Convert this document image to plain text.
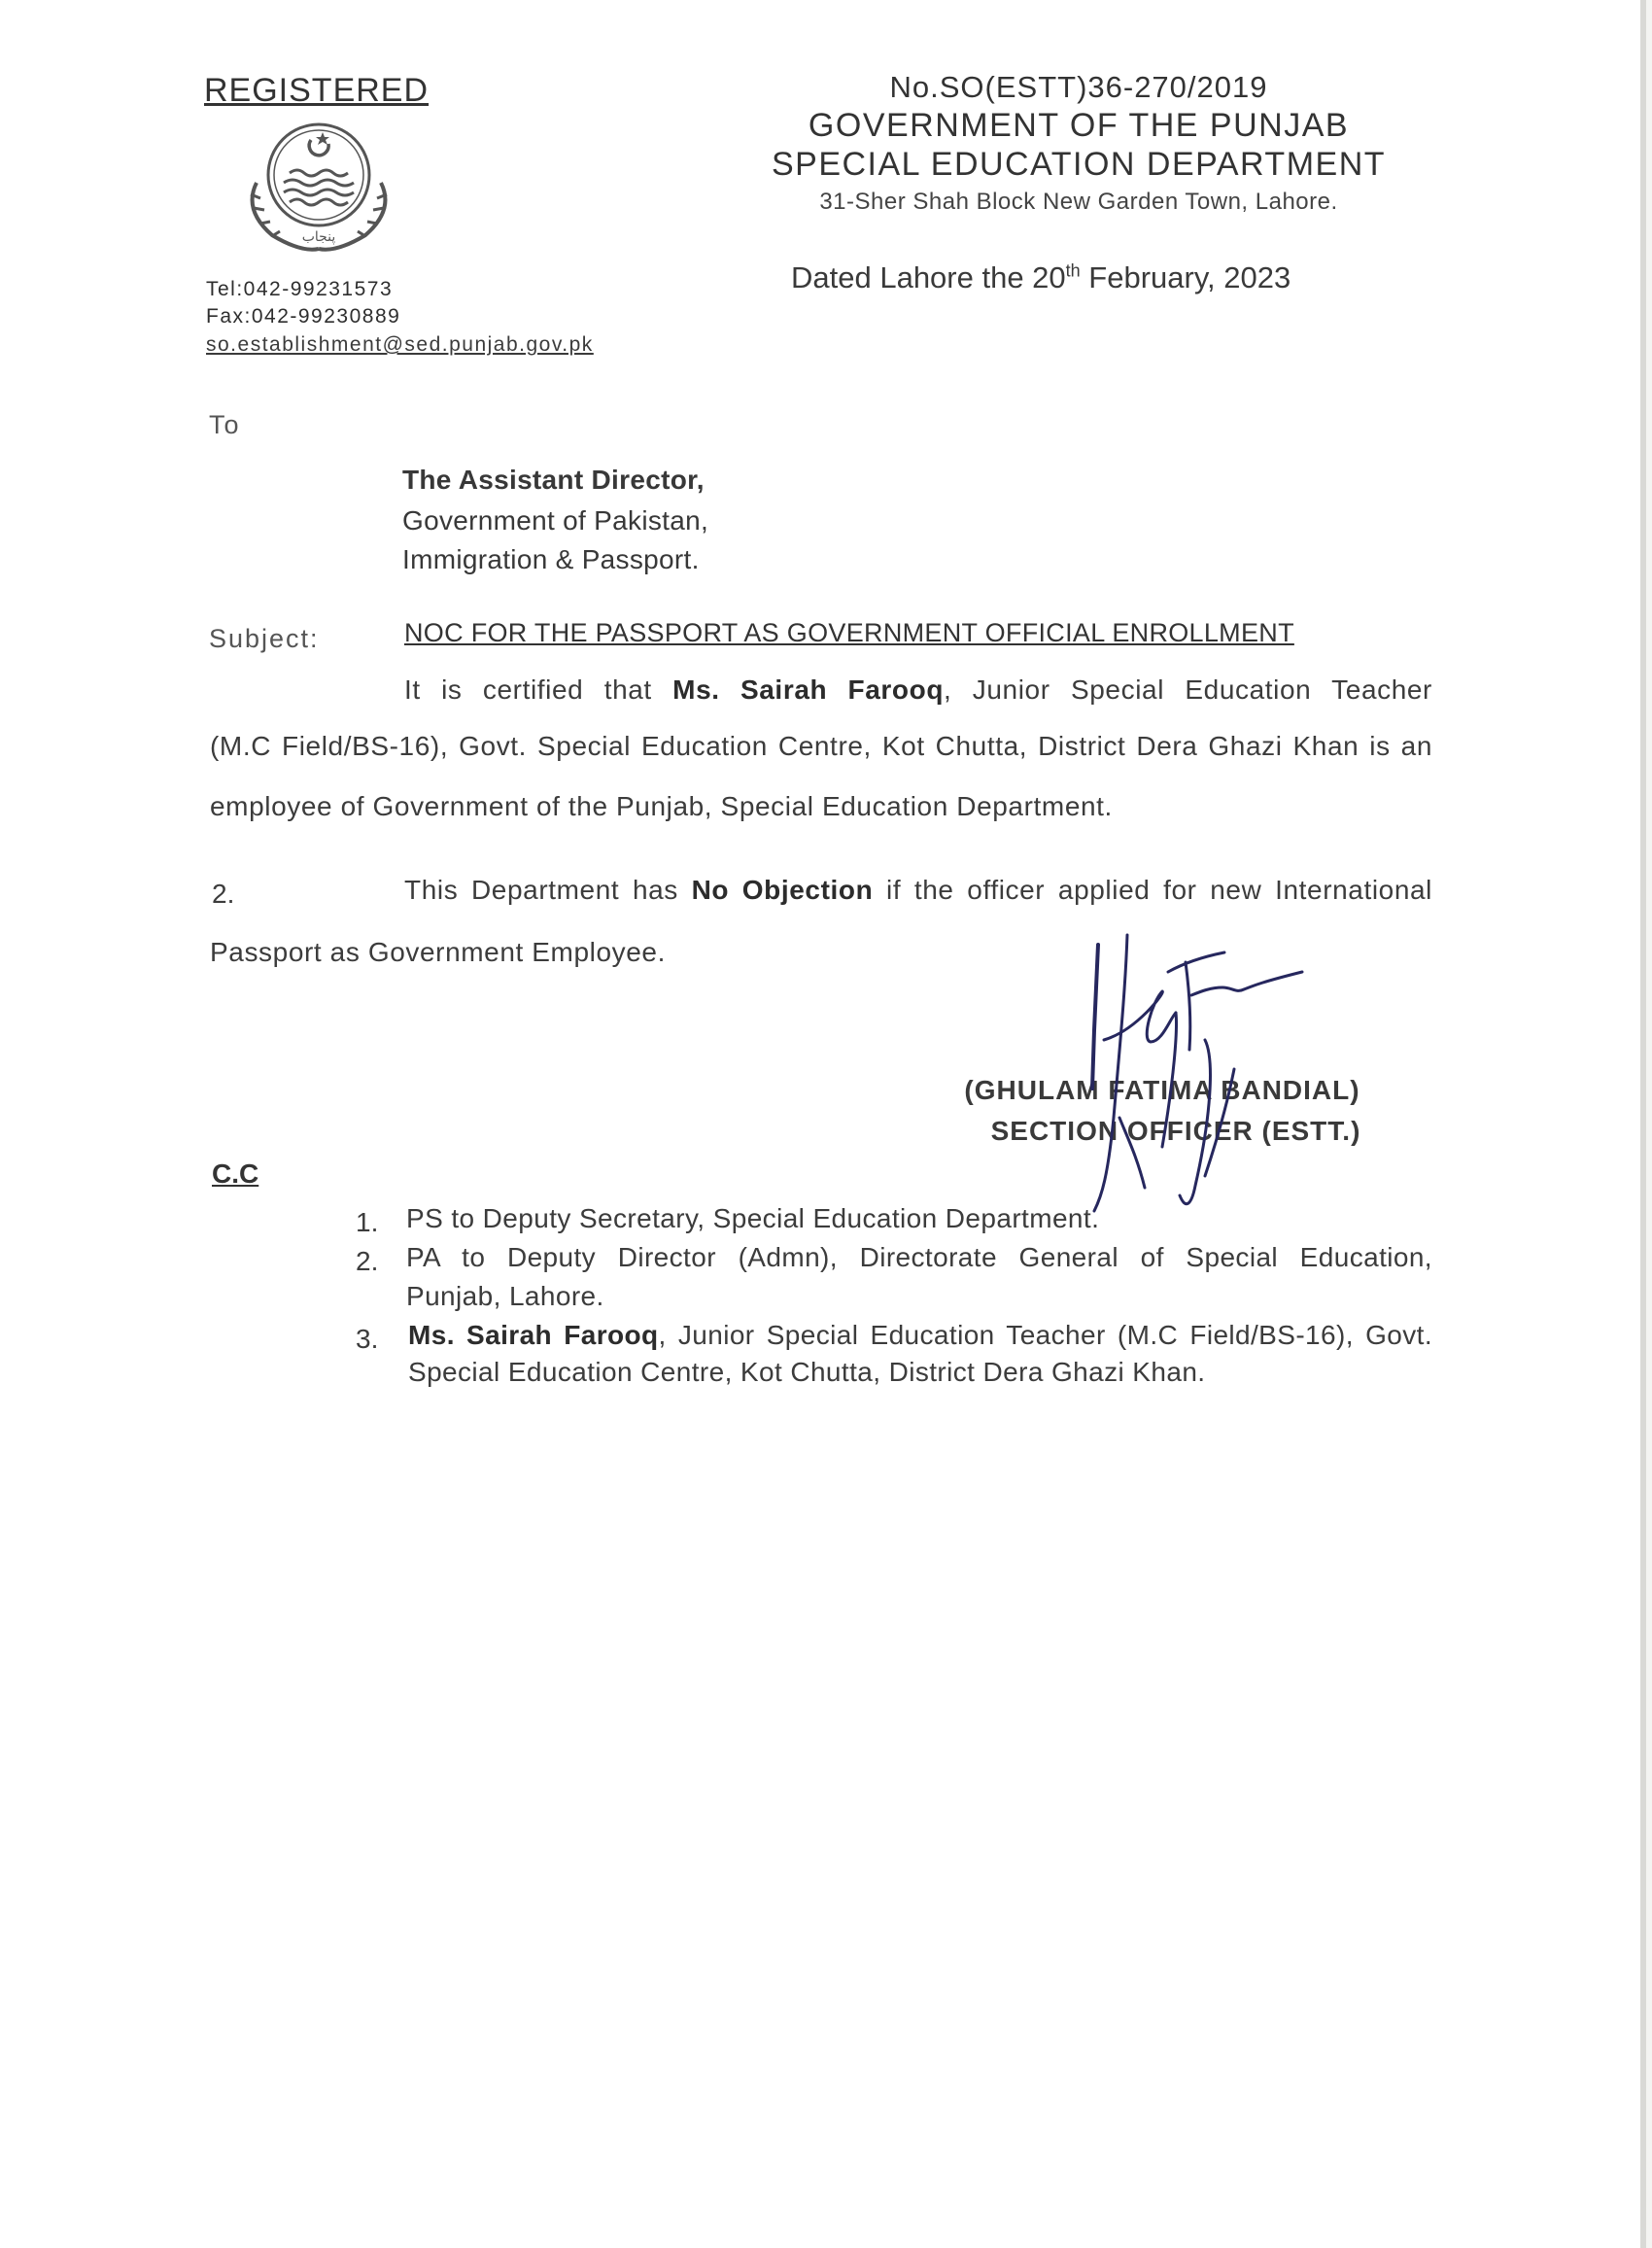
REGISTERED
پنجاب
Tel:042-99231573
Fax:042-99230889
so.establishment@sed.punjab.gov.pk
No.SO(ESTT)36-270/2019
GOVERNMENT OF THE PUNJAB
SPECIAL EDUCATION DEPARTMENT
31-Sher Shah Block New Garden Town, Lahore.
Dated Lahore the 20th February, 2023
To
The Assistant Director,
Government of Pakistan,
Immigration & Passport.
Subject:	NOC FOR THE PASSPORT AS GOVERNMENT OFFICIAL ENROLLMENT
It is certified that Ms. Sairah Farooq, Junior Special Education Teacher
(M.C Field/BS-16), Govt. Special Education Centre, Kot Chutta, District Dera Ghazi Khan is an
employee of Government of the Punjab, Special Education Department.
2.	This Department has No Objection if the officer applied for new International
Passport as Government Employee.
(GHULAM FATIMA BANDIAL)
SECTION OFFICER (ESTT.)
C.C
1. PS to Deputy Secretary, Special Education Department.
2. PA to Deputy Director (Admn), Directorate General of Special Education,
Punjab, Lahore.
3. Ms. Sairah Farooq, Junior Special Education Teacher (M.C Field/BS-16), Govt.
Special Education Centre, Kot Chutta, District Dera Ghazi Khan.
